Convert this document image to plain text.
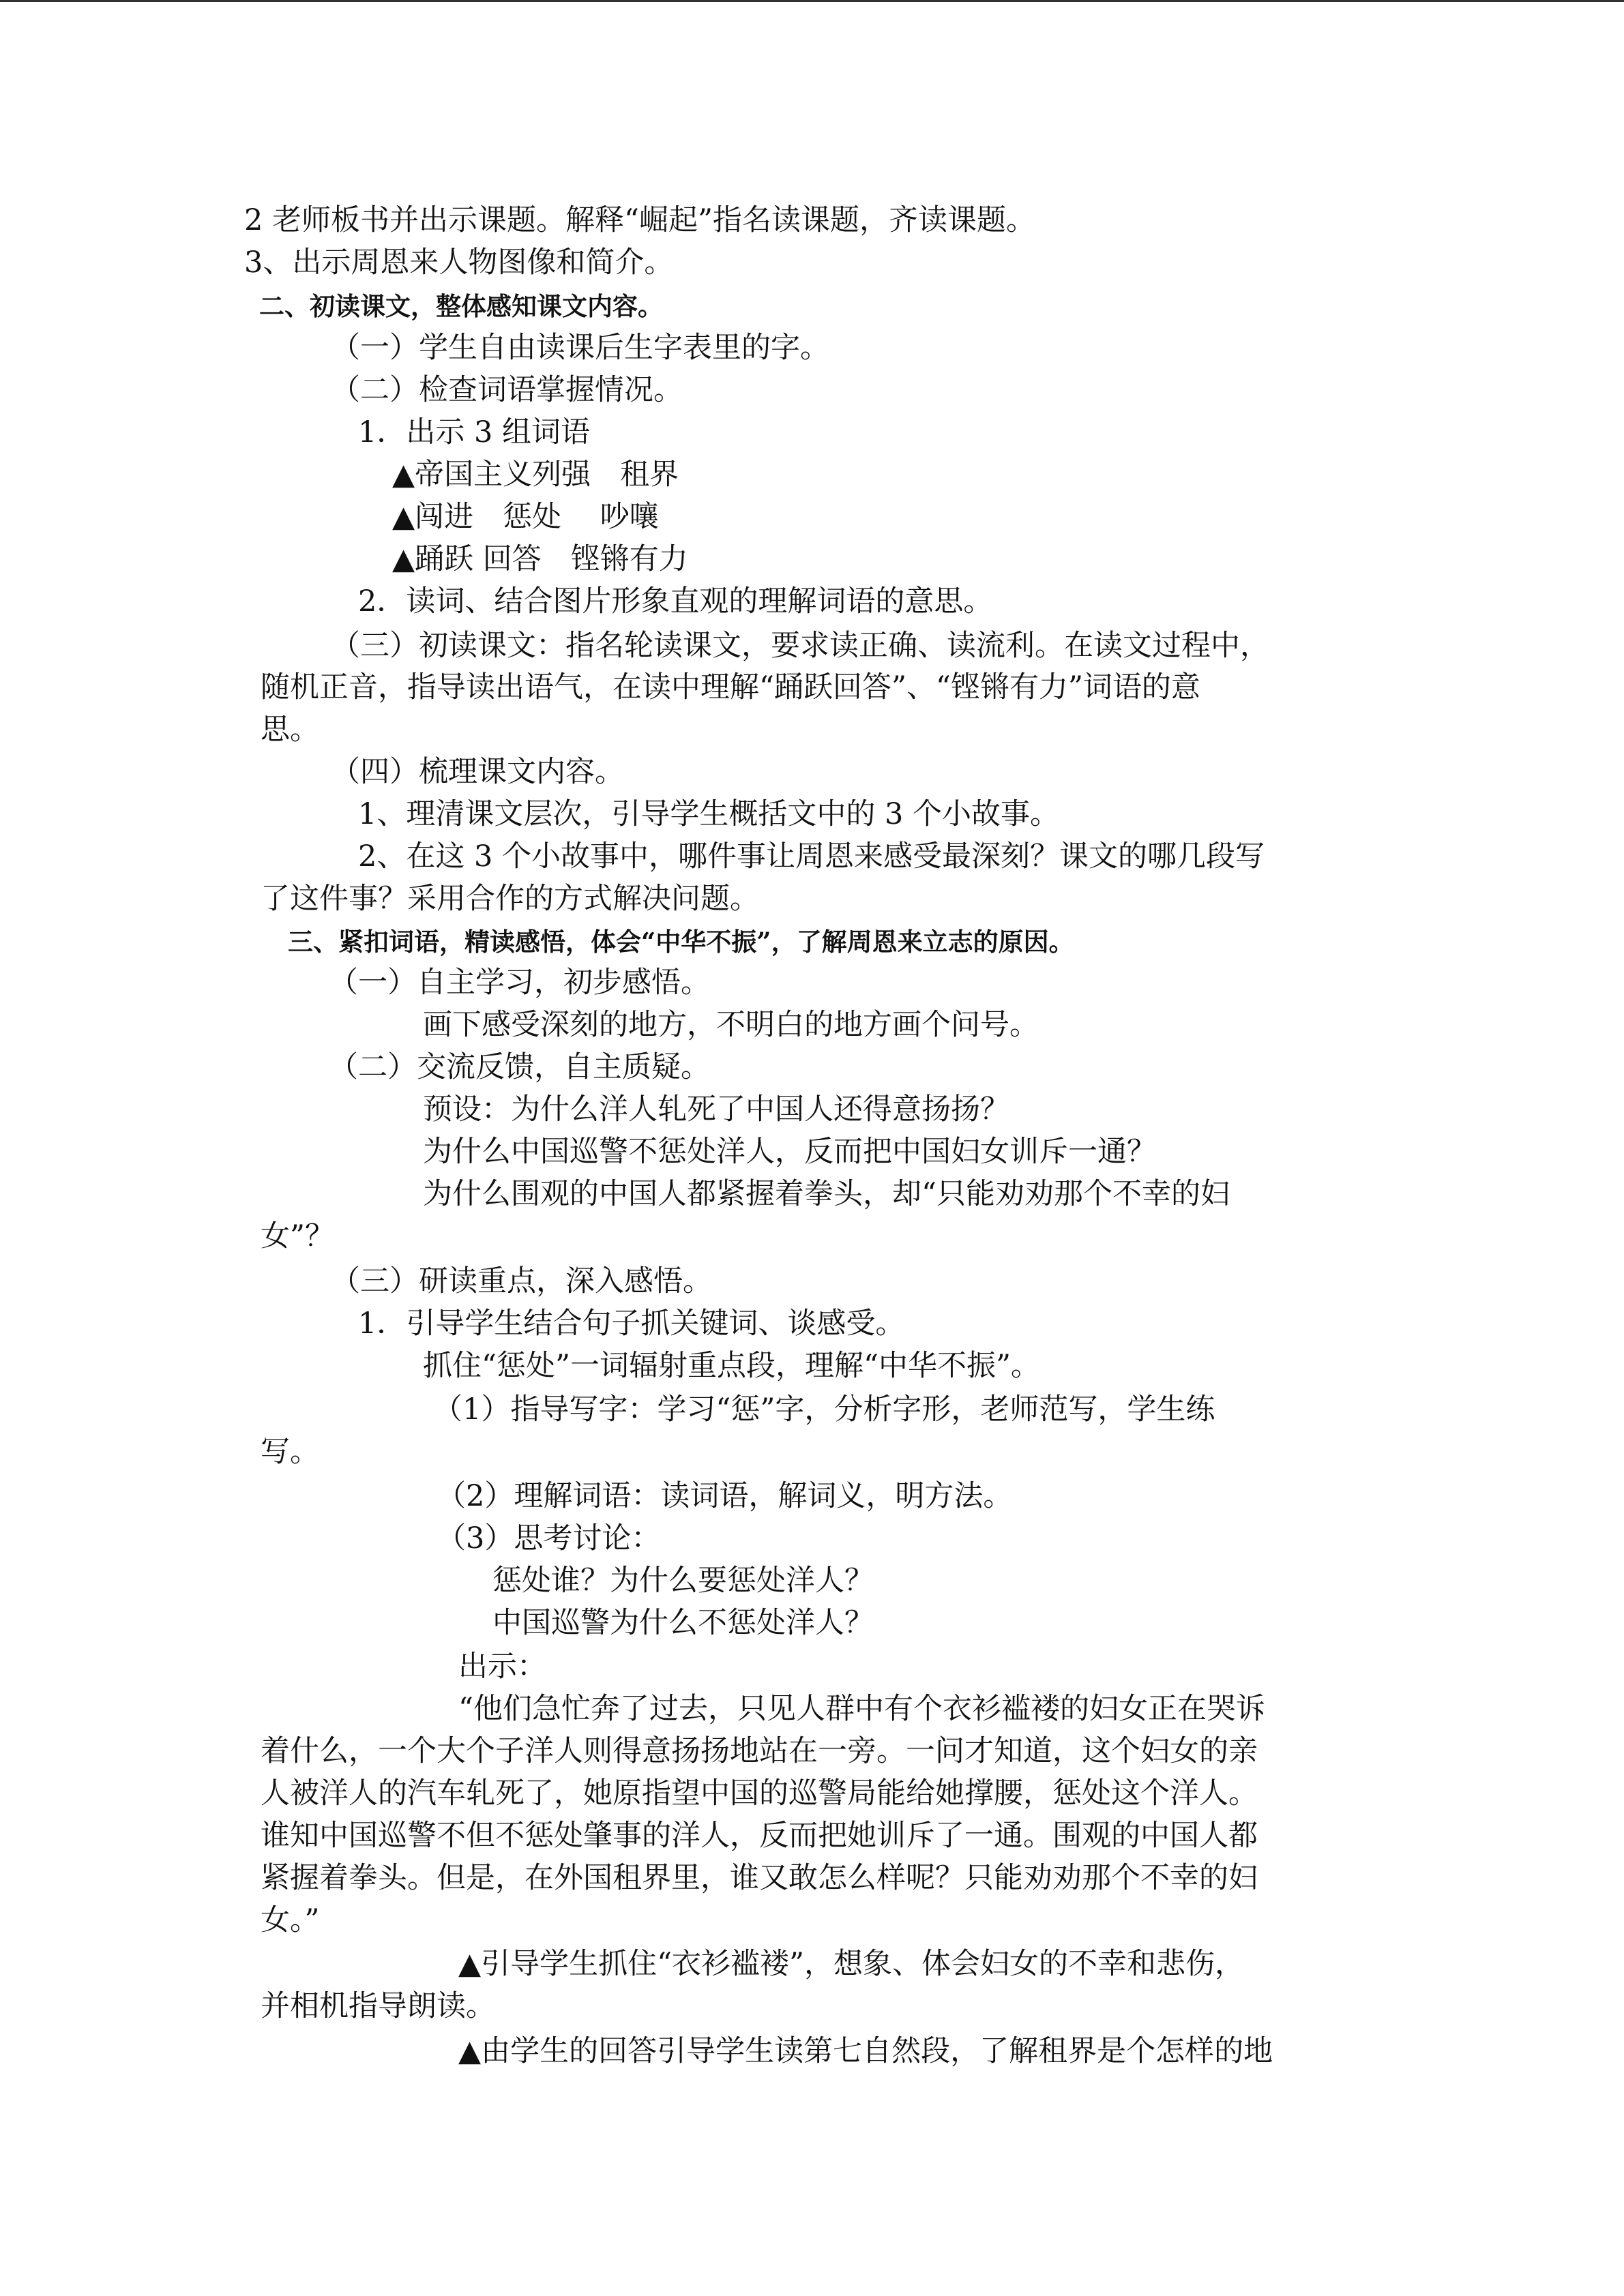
2 老师板书并出示课题。解释“崛起”指名读课题，齐读课题。
3、出示周恩来人物图像和简介。
二、初读课文，整体感知课文内容。
（一）学生自由读课后生字表里的字。
（二）检查词语掌握情况。
1．出示 3 组词语
▲帝国主义列强　租界
▲闯进　惩处　 吵嚷
▲踊跃 回答　铿锵有力
2．读词、结合图片形象直观的理解词语的意思。
（三）初读课文：指名轮读课文，要求读正确、读流利。在读文过程中，
随机正音，指导读出语气，在读中理解“踊跃回答”、“铿锵有力”词语的意
思。
（四）梳理课文内容。
1、理清课文层次，引导学生概括文中的 3 个小故事。
2、在这 3 个小故事中，哪件事让周恩来感受最深刻？课文的哪几段写
了这件事？采用合作的方式解决问题。
三、紧扣词语，精读感悟，体会“中华不振”，了解周恩来立志的原因。
（一）自主学习，初步感悟。
画下感受深刻的地方，不明白的地方画个问号。
（二）交流反馈，自主质疑。
预设：为什么洋人轧死了中国人还得意扬扬？
为什么中国巡警不惩处洋人，反而把中国妇女训斥一通？
为什么围观的中国人都紧握着拳头，却“只能劝劝那个不幸的妇
女”？
（三）研读重点，深入感悟。
1．引导学生结合句子抓关键词、谈感受。
抓住“惩处”一词辐射重点段，理解“中华不振”。
（1）指导写字：学习“惩”字，分析字形，老师范写，学生练
写。
（2）理解词语：读词语，解词义，明方法。
（3）思考讨论：
惩处谁？为什么要惩处洋人？
中国巡警为什么不惩处洋人？
出示：
“他们急忙奔了过去，只见人群中有个衣衫褴褛的妇女正在哭诉
着什么，一个大个子洋人则得意扬扬地站在一旁。一问才知道，这个妇女的亲
人被洋人的汽车轧死了，她原指望中国的巡警局能给她撑腰，惩处这个洋人。
谁知中国巡警不但不惩处肇事的洋人，反而把她训斥了一通。围观的中国人都
紧握着拳头。但是，在外国租界里，谁又敢怎么样呢？只能劝劝那个不幸的妇
女。”
▲引导学生抓住“衣衫褴褛”，想象、体会妇女的不幸和悲伤，
并相机指导朗读。
▲由学生的回答引导学生读第七自然段，了解租界是个怎样的地
